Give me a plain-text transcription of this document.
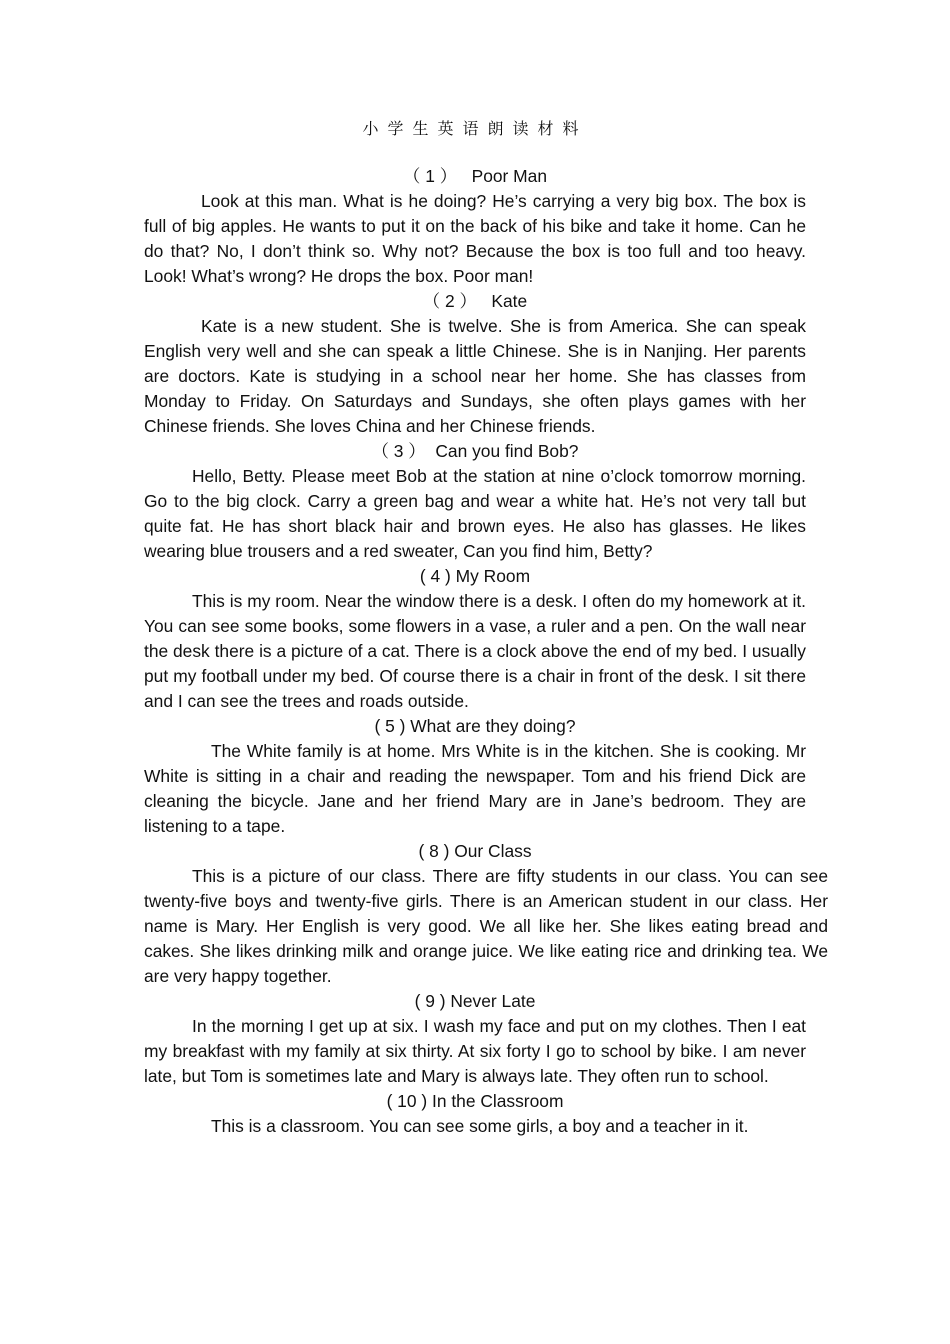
小学生英语朗读材料
（ 1 ）   Poor Man

Look at this man. What is he doing? He’s carrying a very big box. The box is full of big apples. He wants to put it on the back of his bike and take it home. Can he do that? No, I don’t think so. Why not? Because the box is too full and too heavy. Look! What’s wrong? He drops the box. Poor man!

（ 2 ）   Kate

Kate is a new student. She is twelve. She is from America. She can speak English very well and she can speak a little Chinese. She is in Nanjing. Her parents are doctors. Kate is studying in a school near her home. She has classes from Monday to Friday. On Saturdays and Sundays, she often plays games with her Chinese friends. She loves China and her Chinese friends.

（ 3 ）  Can you find Bob?

Hello, Betty. Please meet Bob at the station at nine o’clock tomorrow morning. Go to the big clock. Carry a green bag and wear a white hat. He’s not very tall but quite fat. He has short black hair and brown eyes. He also has glasses. He likes wearing blue trousers and a red sweater, Can you find him, Betty?

( 4 ) My Room

This is my room. Near the window there is a desk. I often do my homework at it. You can see some books, some flowers in a vase, a ruler and a pen. On the wall near the desk there is a picture of a cat. There is a clock above the end of my bed. I usually put my football under my bed. Of course there is a chair in front of the desk. I sit there and I can see the trees and roads outside.

( 5 ) What are they doing?

The White family is at home. Mrs White is in the kitchen. She is cooking. Mr White is sitting in a chair and reading the newspaper. Tom and his friend Dick are cleaning the bicycle. Jane and her friend Mary are in Jane’s bedroom. They are listening to a tape.

( 8 ) Our Class

This is a picture of our class. There are fifty students in our class. You can see twenty-five boys and twenty-five girls. There is an American student in our class. Her name is Mary. Her English is very good. We all like her. She likes eating bread and cakes. She likes drinking milk and orange juice. We like eating rice and drinking tea. We are very happy together.

( 9 ) Never Late

In the morning I get up at six. I wash my face and put on my clothes. Then I eat my breakfast with my family at six thirty. At six forty I go to school by bike. I am never late, but Tom is sometimes late and Mary is always late. They often run to school.

( 10 ) In the Classroom

This is a classroom. You can see some girls, a boy and a teacher in it.
